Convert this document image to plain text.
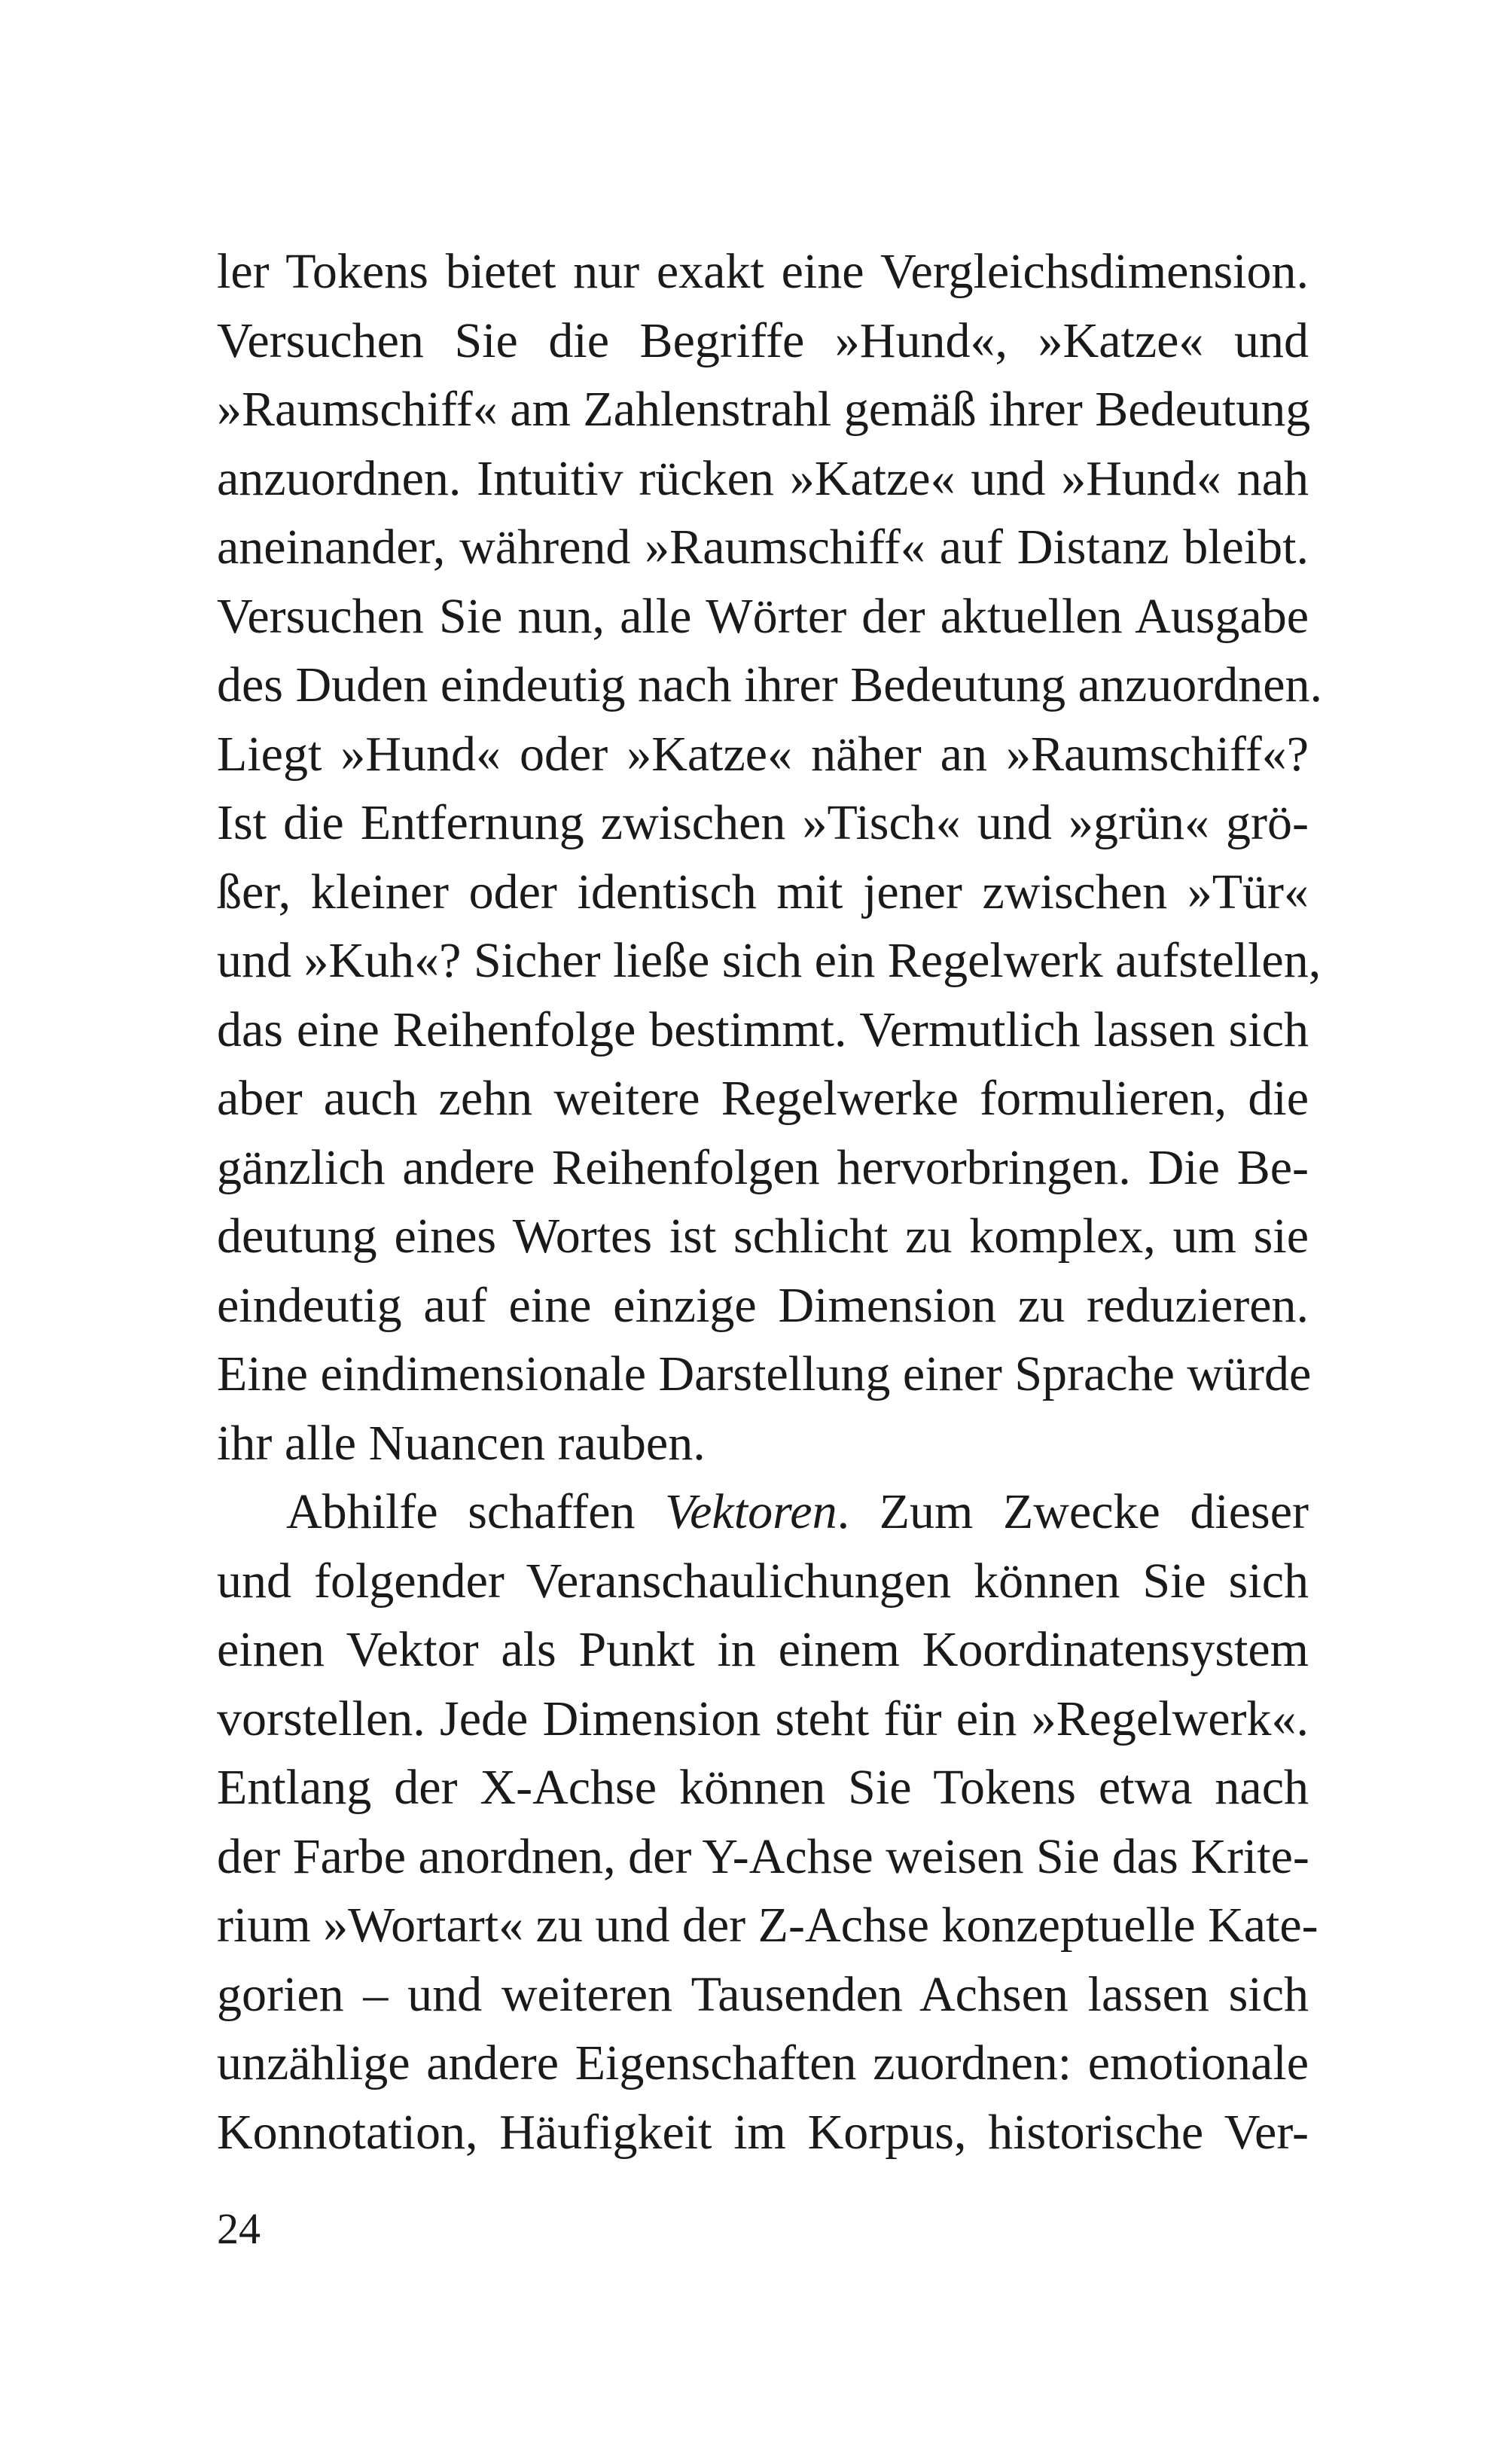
ler Tokens bietet nur exakt eine Vergleichsdimension.
Versuchen Sie die Begriffe »Hund«, »Katze« und
»Raumschiff« am Zahlenstrahl gemäß ihrer Bedeutung
anzuordnen. Intuitiv rücken »Katze« und »Hund« nah
aneinander, während »Raumschiff« auf Distanz bleibt.
Versuchen Sie nun, alle Wörter der aktuellen Ausgabe
des Duden eindeutig nach ihrer Bedeutung anzuordnen.
Liegt »Hund« oder »Katze« näher an »Raumschiff«?
Ist die Entfernung zwischen »Tisch« und »grün« grö-
ßer, kleiner oder identisch mit jener zwischen »Tür«
und »Kuh«? Sicher ließe sich ein Regelwerk aufstellen,
das eine Reihenfolge bestimmt. Vermutlich lassen sich
aber auch zehn weitere Regelwerke formulieren, die
gänzlich andere Reihenfolgen hervorbringen. Die Be-
deutung eines Wortes ist schlicht zu komplex, um sie
eindeutig auf eine einzige Dimension zu reduzieren.
Eine eindimensionale Darstellung einer Sprache würde
ihr alle Nuancen rauben.
Abhilfe schaffen Vektoren. Zum Zwecke dieser
und folgender Veranschaulichungen können Sie sich
einen Vektor als Punkt in einem Koordinatensystem
vorstellen. Jede Dimension steht für ein »Regelwerk«.
Entlang der X-Achse können Sie Tokens etwa nach
der Farbe anordnen, der Y-Achse weisen Sie das Krite-
rium »Wortart« zu und der Z-Achse konzeptuelle Kate-
gorien – und weiteren Tausenden Achsen lassen sich
unzählige andere Eigenschaften zuordnen: emotionale
Konnotation, Häufigkeit im Korpus, historische Ver-
24
